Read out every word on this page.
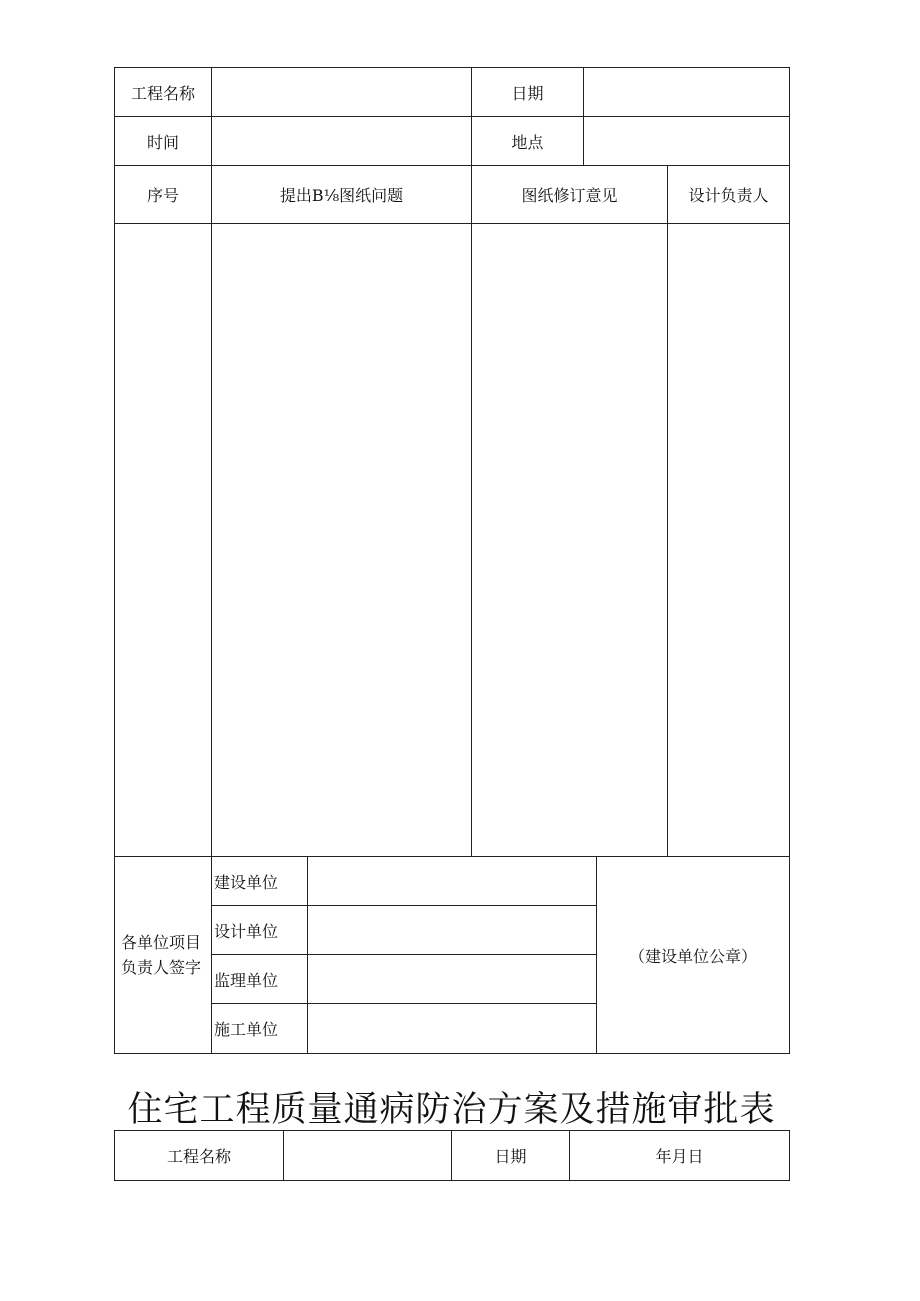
工程名称		日期		
时间		地点		
序号	提出B⅛图纸问题	图纸修订意见		设计负责人

各单位项目
负责人签字	建设单位		（建设单位公章）
	设计单位		
	监理单位		
	施工单位		
住宅工程质量通病防治方案及措施审批表
工程名称		日期	年月日
